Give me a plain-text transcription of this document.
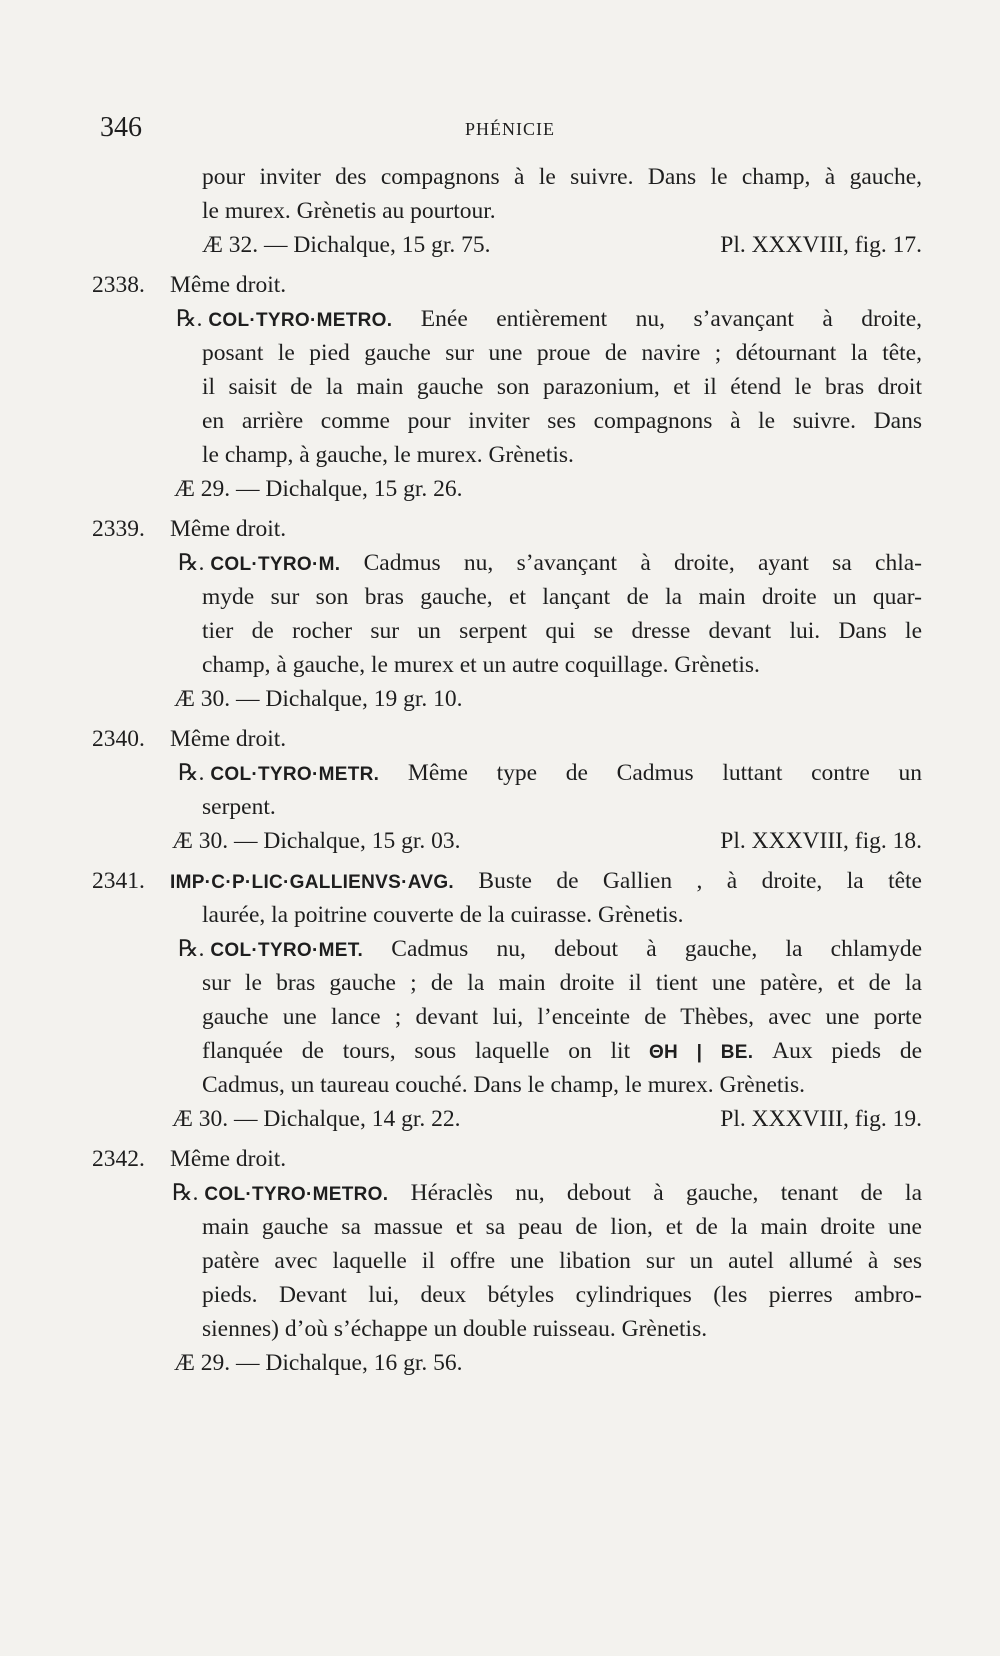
346	PHÉNICIE
pour inviter des compagnons à le suivre. Dans le champ, à gauche,
le murex. Grènetis au pourtour.
Æ 32. — Dichalque, 15 gr. 75.	Pl. XXXVIII, fig. 17.
2338. Même droit.
℞. COL·TYRO·METRO. Enée entièrement nu, s’avançant à droite,
posant le pied gauche sur une proue de navire ; détournant la tête,
il saisit de la main gauche son parazonium, et il étend le bras droit
en arrière comme pour inviter ses compagnons à le suivre. Dans
le champ, à gauche, le murex. Grènetis.
Æ 29. — Dichalque, 15 gr. 26.
2339. Même droit.
℞. COL·TYRO·M. Cadmus nu, s’avançant à droite, ayant sa chla-
myde sur son bras gauche, et lançant de la main droite un quar-
tier de rocher sur un serpent qui se dresse devant lui. Dans le
champ, à gauche, le murex et un autre coquillage. Grènetis.
Æ 30. — Dichalque, 19 gr. 10.
2340. Même droit.
℞. COL·TYRO·METR. Même type de Cadmus luttant contre un
serpent.
Æ 30. — Dichalque, 15 gr. 03.	Pl. XXXVIII, fig. 18.
2341. IMP·C·P·LIC·GALLIENVS·AVG. Buste de Gallien , à droite, la tête
laurée, la poitrine couverte de la cuirasse. Grènetis.
℞. COL·TYRO·MET. Cadmus nu, debout à gauche, la chlamyde
sur le bras gauche ; de la main droite il tient une patère, et de la
gauche une lance ; devant lui, l’enceinte de Thèbes, avec une porte
flanquée de tours, sous laquelle on lit ΘΗ | ΒΕ. Aux pieds de
Cadmus, un taureau couché. Dans le champ, le murex. Grènetis.
Æ 30. — Dichalque, 14 gr. 22.	Pl. XXXVIII, fig. 19.
2342. Même droit.
℞. COL·TYRO·METRO. Héraclès nu, debout à gauche, tenant de la
main gauche sa massue et sa peau de lion, et de la main droite une
patère avec laquelle il offre une libation sur un autel allumé à ses
pieds. Devant lui, deux bétyles cylindriques (les pierres ambro-
siennes) d’où s’échappe un double ruisseau. Grènetis.
Æ 29. — Dichalque, 16 gr. 56.
